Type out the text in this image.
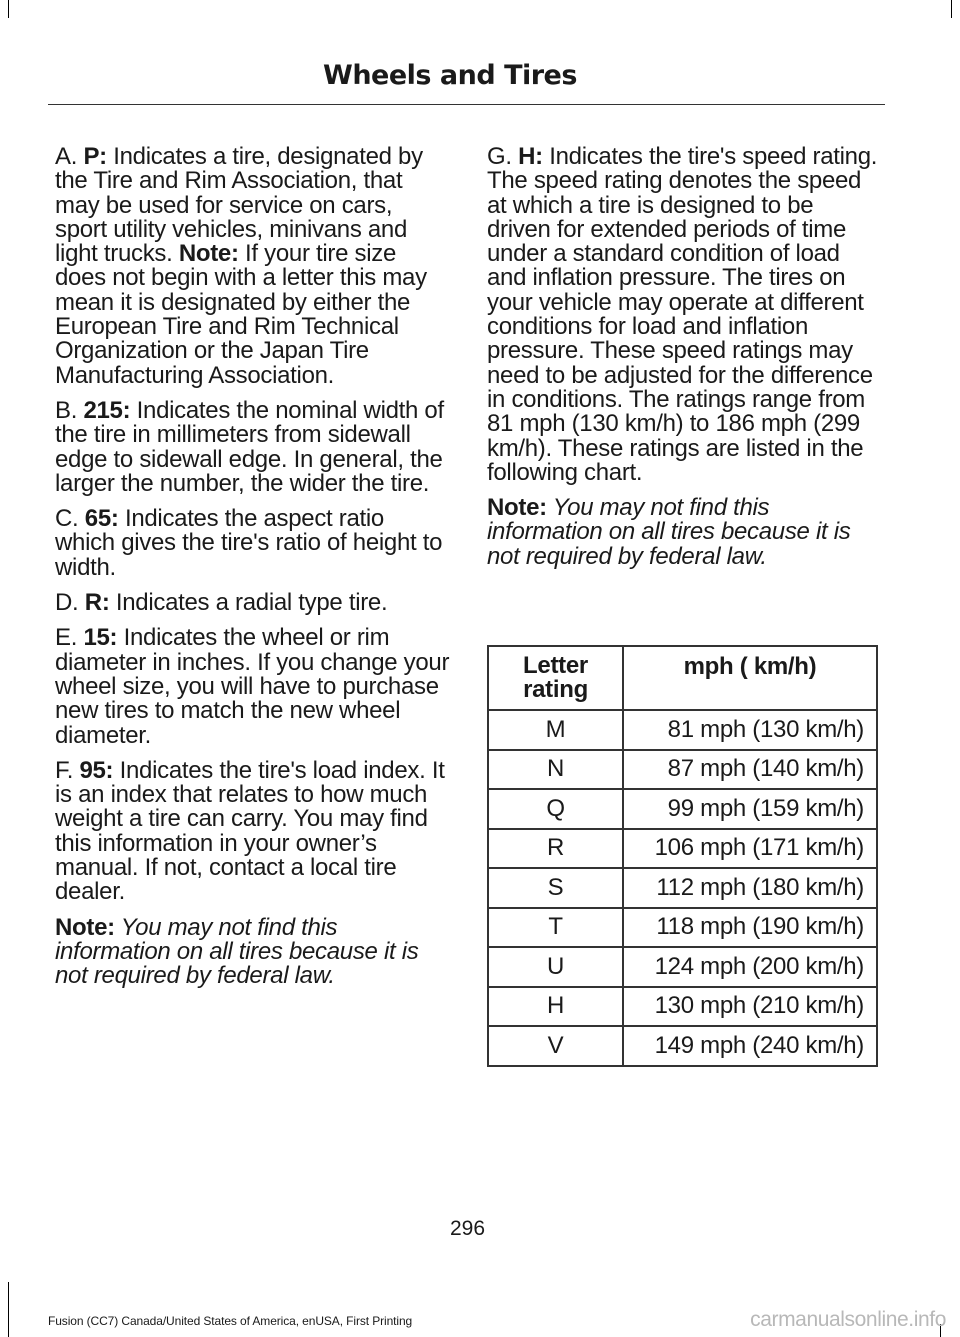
Wheels and Tires

A. P: Indicates a tire, designated by the Tire and Rim Association, that may be used for service on cars, sport utility vehicles, minivans and light trucks. Note: If your tire size does not begin with a letter this may mean it is designated by either the European Tire and Rim Technical Organization or the Japan Tire Manufacturing Association.

B. 215: Indicates the nominal width of the tire in millimeters from sidewall edge to sidewall edge. In general, the larger the number, the wider the tire.

C. 65: Indicates the aspect ratio which gives the tire's ratio of height to width.

D. R: Indicates a radial type tire.

E. 15: Indicates the wheel or rim diameter in inches. If you change your wheel size, you will have to purchase new tires to match the new wheel diameter.

F. 95: Indicates the tire's load index. It is an index that relates to how much weight a tire can carry. You may find this information in your owner’s manual. If not, contact a local tire dealer.

Note: You may not find this information on all tires because it is not required by federal law.

G. H: Indicates the tire's speed rating. The speed rating denotes the speed at which a tire is designed to be driven for extended periods of time under a standard condition of load and inflation pressure. The tires on your vehicle may operate at different conditions for load and inflation pressure. These speed ratings may need to be adjusted for the difference in conditions. The ratings range from 81 mph (130 km/h) to 186 mph (299 km/h). These ratings are listed in the following chart.

Note: You may not find this information on all tires because it is not required by federal law.

Letter rating	mph ( km/h)
M	81 mph (130 km/h)
N	87 mph (140 km/h)
Q	99 mph (159 km/h)
R	106 mph (171 km/h)
S	112 mph (180 km/h)
T	118 mph (190 km/h)
U	124 mph (200 km/h)
H	130 mph (210 km/h)
V	149 mph (240 km/h)
296
Fusion (CC7) Canada/United States of America, enUSA, First Printing	carmanualsonline.info
